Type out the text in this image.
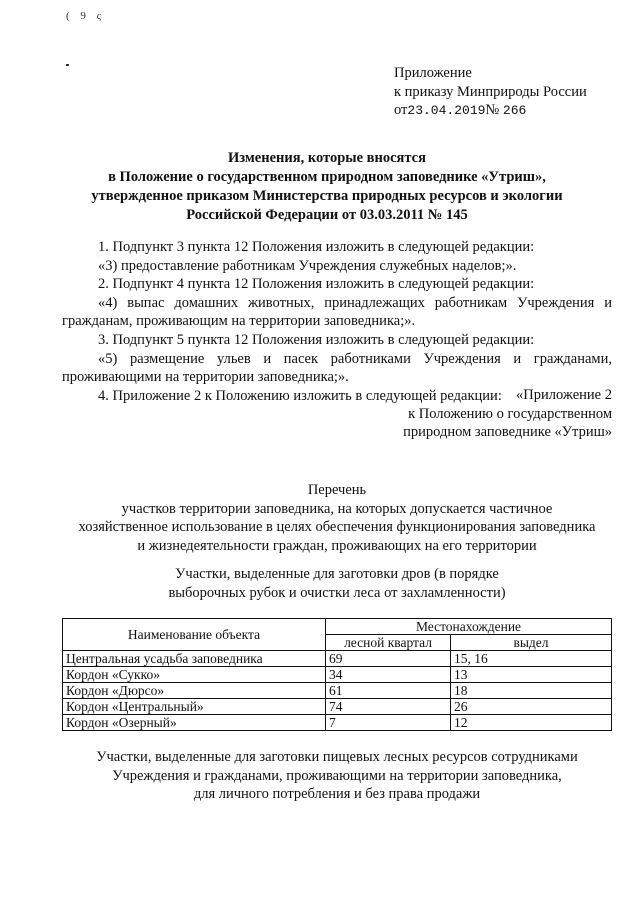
( 9 ς
Приложение
к приказу Минприроды России
от23.04.2019№ 266
Изменения, которые вносятся
в Положение о государственном природном заповеднике «Утриш»,
утвержденное приказом Министерства природных ресурсов и экологии
Российской Федерации от 03.03.2011 № 145

1. Подпункт 3 пункта 12 Положения изложить в следующей редакции:

«3) предоставление работникам Учреждения служебных наделов;».

2. Подпункт 4 пункта 12 Положения изложить в следующей редакции:

«4) выпас домашних животных, принадлежащих работникам Учреждения и гражданам, проживающим на территории заповедника;».

3. Подпункт 5 пункта 12 Положения изложить в следующей редакции:

«5) размещение ульев и пасек работниками Учреждения и гражданами, проживающими на территории заповедника;».

4. Приложение 2 к Положению изложить в следующей редакции: «Приложение 2
к Положению о государственном
природном заповеднике «Утриш»

Перечень

участков территории заповедника, на которых допускается частичное

хозяйственное использование в целях обеспечения функционирования заповедника

и жизнедеятельности граждан, проживающих на его территории

Участки, выделенные для заготовки дров (в порядке

выборочных рубок и очистки леса от захламленности)

Наименование объекта	Местонахождение	
	лесной квартал	выдел
Центральная усадьба заповедника	69	15, 16
Кордон «Сукко»	34	13
Кордон «Дюрсо»	61	18
Кордон «Центральный»	74	26
Кордон «Озерный»	7	12

Участки, выделенные для заготовки пищевых лесных ресурсов сотрудниками

Учреждения и гражданами, проживающими на территории заповедника,

для личного потребления и без права продажи
